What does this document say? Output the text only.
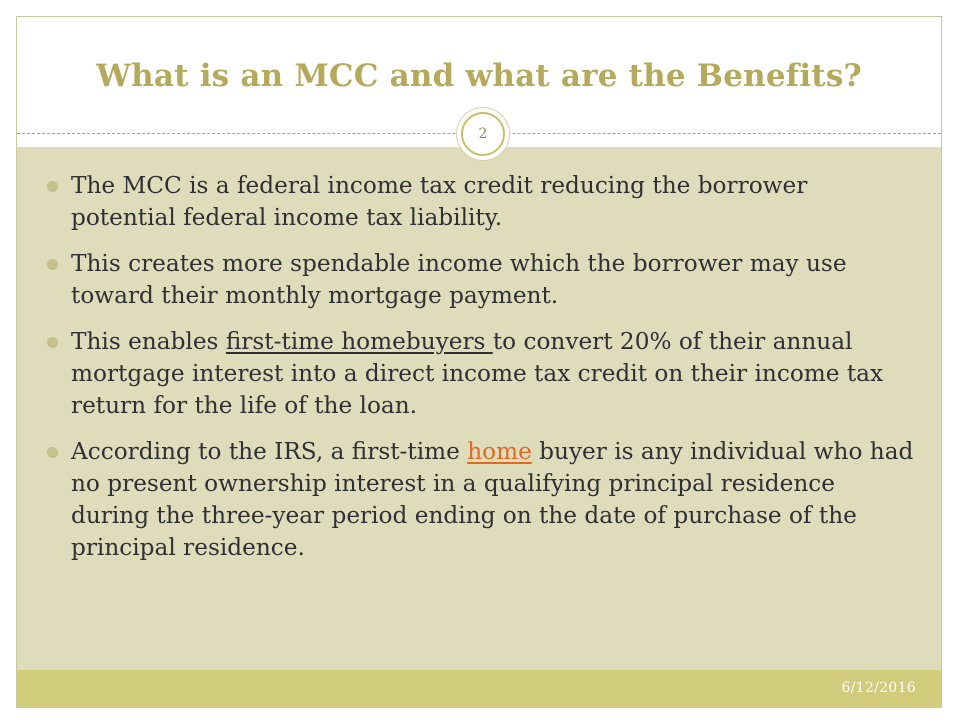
What is an MCC and what are the Benefits?
2
The MCC is a federal income tax credit reducing the borrower potential federal income tax liability.
This creates more spendable income which the borrower may use toward their monthly mortgage payment.
This enables first-time homebuyers to convert 20% of their annual mortgage interest into a direct income tax credit on their income tax return for the life of the loan.
According to the IRS, a first-time home buyer is any individual who had no present ownership interest in a qualifying principal residence during the three-year period ending on the date of purchase of the principal residence.
6/12/2016
